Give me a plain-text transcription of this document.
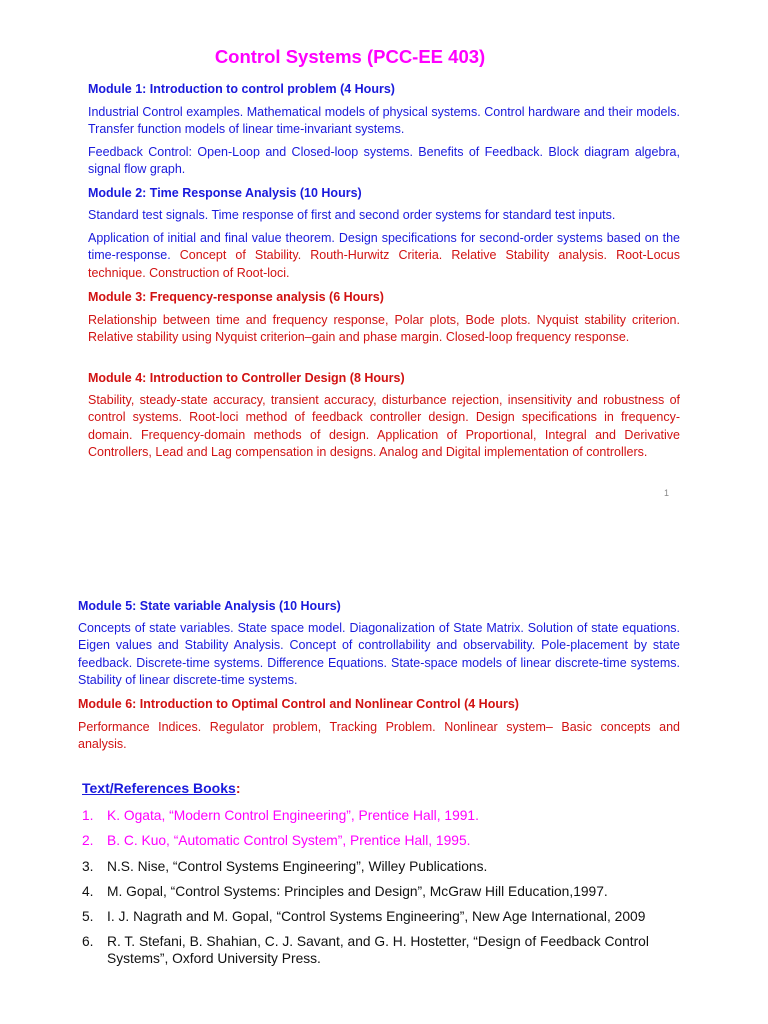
Control Systems (PCC-EE 403)
Module 1: Introduction to control problem (4 Hours)
Industrial Control examples. Mathematical models of physical systems. Control hardware and their models. Transfer function models of linear time-invariant systems.
Feedback Control: Open-Loop and Closed-loop systems. Benefits of Feedback. Block diagram algebra, signal flow graph.
Module 2: Time Response Analysis (10 Hours)
Standard test signals. Time response of first and second order systems for standard test inputs.
Application of initial and final value theorem. Design specifications for second-order systems based on the time-response. Concept of Stability. Routh-Hurwitz Criteria. Relative Stability analysis. Root-Locus technique. Construction of Root-loci.
Module 3: Frequency-response analysis (6 Hours)
Relationship between time and frequency response, Polar plots, Bode plots. Nyquist stability criterion. Relative stability using Nyquist criterion–gain and phase margin. Closed-loop frequency response.
Module 4: Introduction to Controller Design (8 Hours)
Stability, steady-state accuracy, transient accuracy, disturbance rejection, insensitivity and robustness of control systems. Root-loci method of feedback controller design. Design specifications in frequency-domain. Frequency-domain methods of design. Application of Proportional, Integral and Derivative Controllers, Lead and Lag compensation in designs. Analog and Digital implementation of controllers.
1
Module 5: State variable Analysis (10 Hours)
Concepts of state variables. State space model. Diagonalization of State Matrix. Solution of state equations. Eigen values and Stability Analysis. Concept of controllability and observability. Pole-placement by state feedback. Discrete-time systems. Difference Equations. State-space models of linear discrete-time systems. Stability of linear discrete-time systems.
Module 6: Introduction to Optimal Control and Nonlinear Control (4 Hours)
Performance Indices. Regulator problem, Tracking Problem. Nonlinear system– Basic concepts and analysis.
Text/References Books:
1. K. Ogata, “Modern Control Engineering”, Prentice Hall, 1991.
2. B. C. Kuo, “Automatic Control System”, Prentice Hall, 1995.
3. N.S. Nise, “Control Systems Engineering”, Willey Publications.
4. M. Gopal, “Control Systems: Principles and Design”, McGraw Hill Education,1997.
5. I. J. Nagrath and M. Gopal, “Control Systems Engineering”, New Age International, 2009
6. R. T. Stefani, B. Shahian, C. J. Savant, and G. H. Hostetter, “Design of Feedback Control Systems”, Oxford University Press.
